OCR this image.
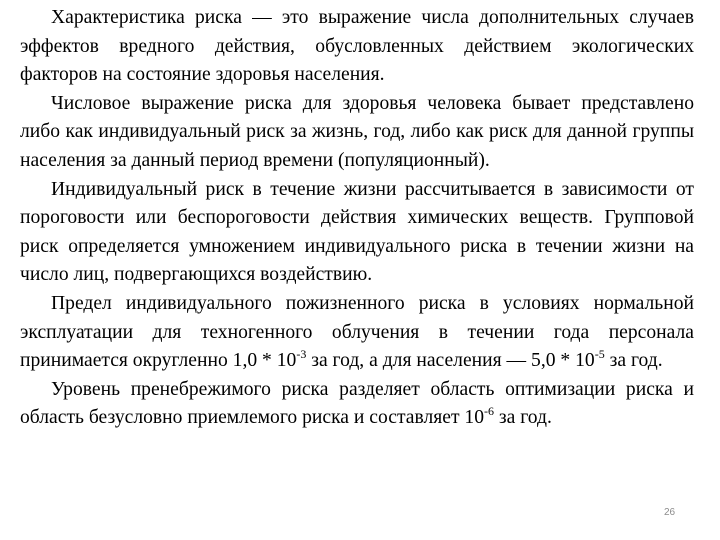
Характеристика риска — это выражение числа дополнительных случаев эффектов вредного действия, обусловленных действием экологических факторов на состояние здоровья населения.

Числовое выражение риска для здоровья человека бывает представлено либо как индивидуальный риск за жизнь, год, либо как риск для данной группы населения за данный период времени (популяционный).

Индивидуальный риск в течение жизни рассчитывается в зависимости от пороговости или беспороговости действия химических веществ. Групповой риск определяется умножением индивидуального риска в течении жизни на число лиц, подвергающихся воздействию.

Предел индивидуального пожизненного риска в условиях нормальной эксплуатации для техногенного облучения в течении года персонала принимается округленно $1,0 * 10^{-3}$ за год, а для населения — $5,0 * 10^{-5}$ за год.

Уровень пренебрежимого риска разделяет область оптимизации риска и область безусловно приемлемого риска и составляет $10^{-6}$ за год.

26
